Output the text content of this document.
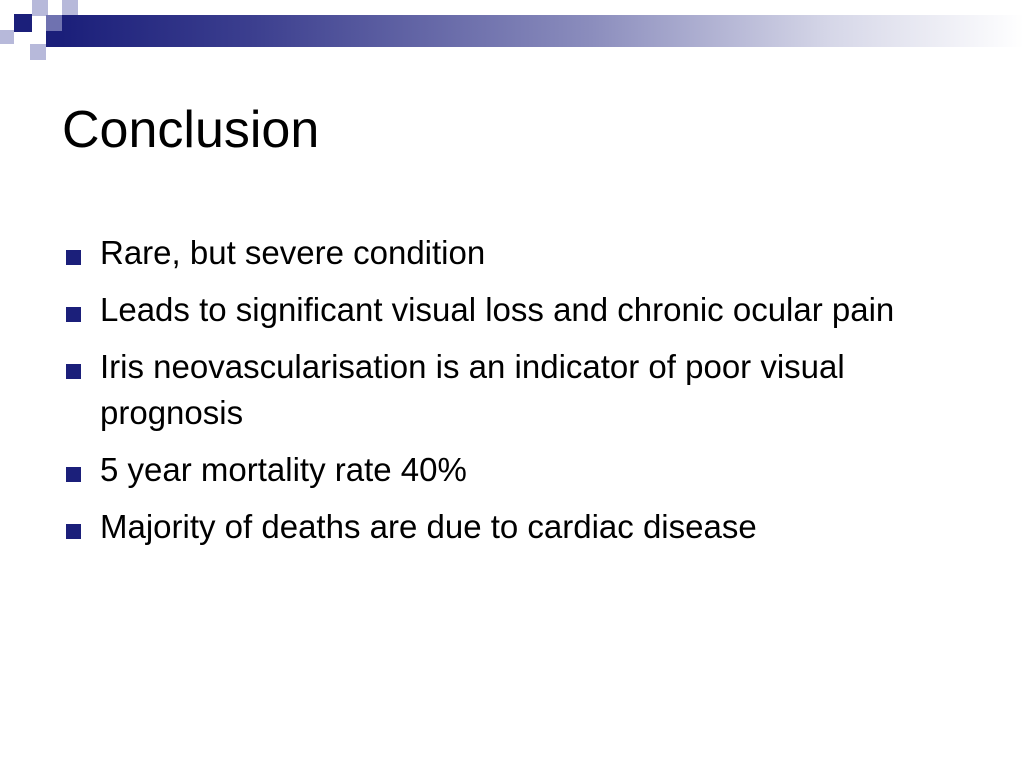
Conclusion
Rare, but severe condition
Leads to significant visual loss and chronic ocular pain
Iris neovascularisation is an indicator of poor visual prognosis
5 year mortality rate 40%
Majority of deaths are due to cardiac disease
